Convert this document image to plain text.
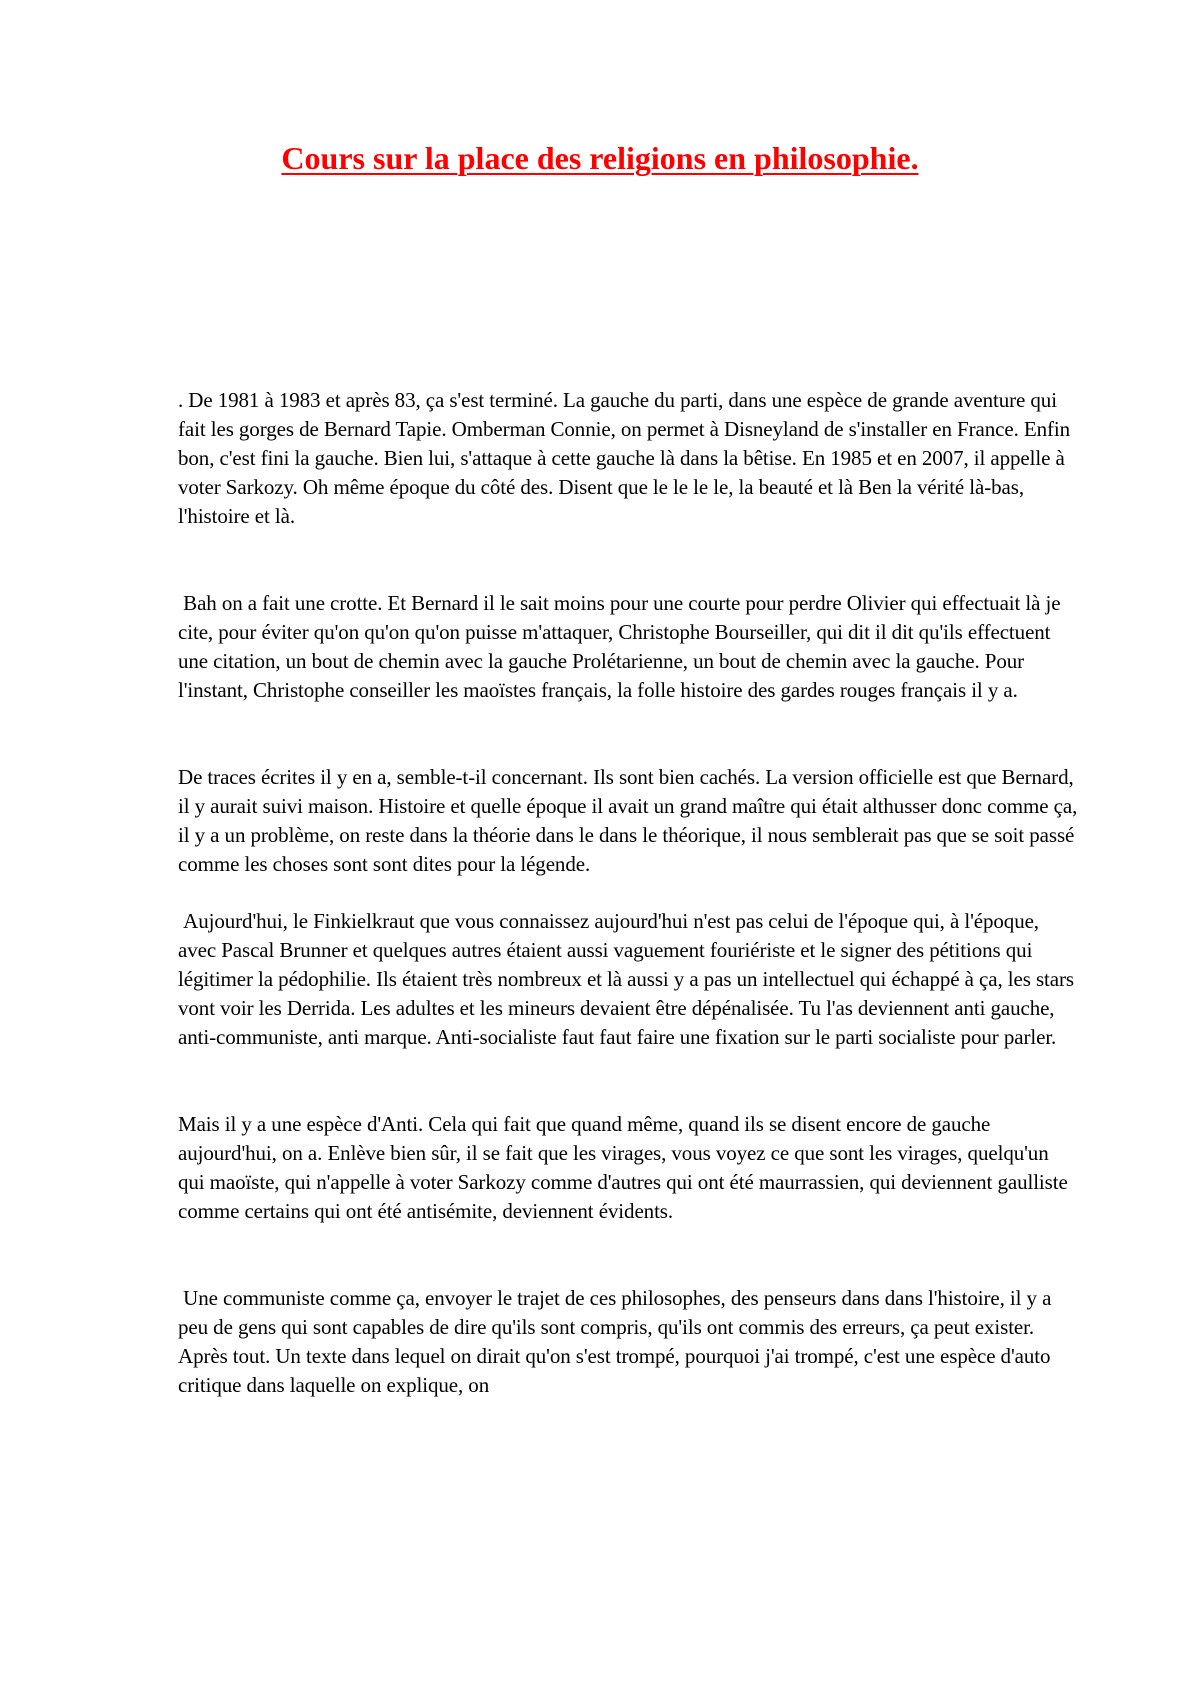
Cours sur la place des religions en philosophie.

. De 1981 à 1983 et après 83, ça s'est terminé. La gauche du parti, dans une espèce de grande aventure qui fait les gorges de Bernard Tapie. Omberman Connie, on permet à Disneyland de s'installer en France. Enfin bon, c'est fini la gauche. Bien lui, s'attaque à cette gauche là dans la bêtise. En 1985 et en 2007, il appelle à voter Sarkozy. Oh même époque du côté des. Disent que le le le le, la beauté et là Ben la vérité là-bas, l'histoire et là.

Bah on a fait une crotte. Et Bernard il le sait moins pour une courte pour perdre Olivier qui effectuait là je cite, pour éviter qu'on qu'on qu'on puisse m'attaquer, Christophe Bourseiller, qui dit il dit qu'ils effectuent une citation, un bout de chemin avec la gauche Prolétarienne, un bout de chemin avec la gauche. Pour l'instant, Christophe conseiller les maoïstes français, la folle histoire des gardes rouges français il y a.

De traces écrites il y en a, semble-t-il concernant. Ils sont bien cachés. La version officielle est que Bernard, il y aurait suivi maison. Histoire et quelle époque il avait un grand maître qui était althusser donc comme ça, il y a un problème, on reste dans la théorie dans le dans le théorique, il nous semblerait pas que se soit passé comme les choses sont sont dites pour la légende.

Aujourd'hui, le Finkielkraut que vous connaissez aujourd'hui n'est pas celui de l'époque qui, à l'époque, avec Pascal Brunner et quelques autres étaient aussi vaguement fouriériste et le signer des pétitions qui légitimer la pédophilie. Ils étaient très nombreux et là aussi y a pas un intellectuel qui échappé à ça, les stars vont voir les Derrida. Les adultes et les mineurs devaient être dépénalisée. Tu l'as deviennent anti gauche, anti-communiste, anti marque. Anti-socialiste faut faut faire une fixation sur le parti socialiste pour parler.

Mais il y a une espèce d'Anti. Cela qui fait que quand même, quand ils se disent encore de gauche aujourd'hui, on a. Enlève bien sûr, il se fait que les virages, vous voyez ce que sont les virages, quelqu'un qui maoïste, qui n'appelle à voter Sarkozy comme d'autres qui ont été maurrassien, qui deviennent gaulliste comme certains qui ont été antisémite, deviennent évidents.

Une communiste comme ça, envoyer le trajet de ces philosophes, des penseurs dans dans l'histoire, il y a peu de gens qui sont capables de dire qu'ils sont compris, qu'ils ont commis des erreurs, ça peut exister. Après tout. Un texte dans lequel on dirait qu'on s'est trompé, pourquoi j'ai trompé, c'est une espèce d'auto critique dans laquelle on explique, on
